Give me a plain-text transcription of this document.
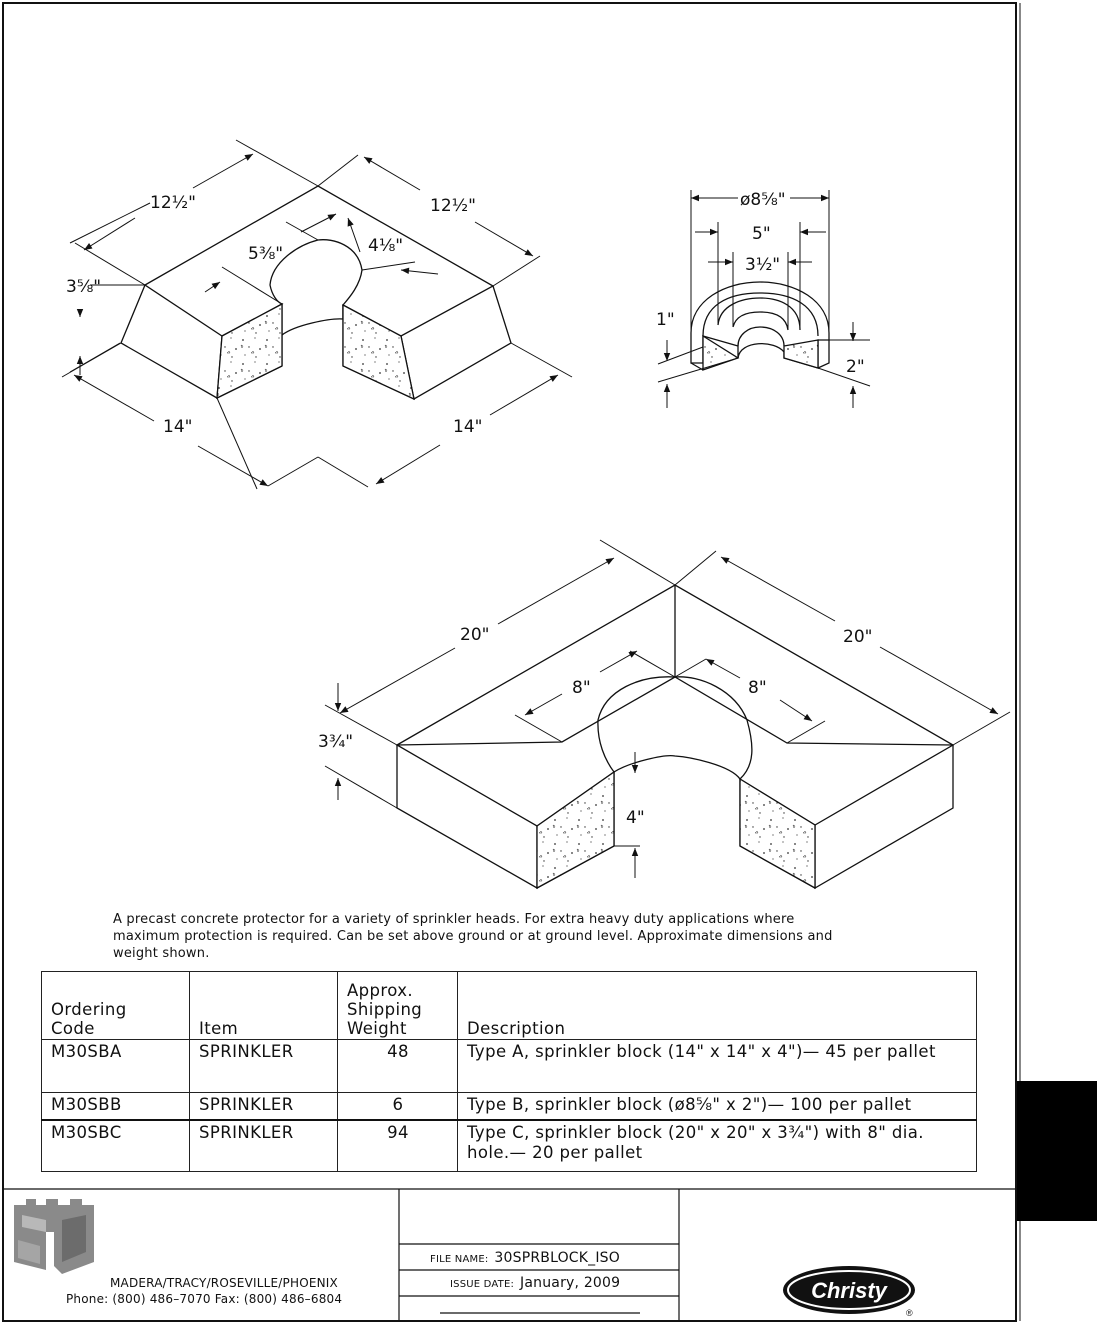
12½"	12½"
5⅜"	4⅛"
3⅝"
14"	14"
ø8⅝"
5"
3½"
1"
2"
20"	20"
8"	8"
3¾"
4"
Christy
®
A precast concrete protector for a variety of sprinkler heads. For extra heavy duty applications where
maximum protection is required. Can be set above ground or at ground level. Approximate dimensions and
weight shown.
Ordering
Code	Item	Approx.
Shipping
Weight	Description
M30SBA	SPRINKLER	48	Type A, sprinkler block (14" x 14" x 4")— 45 per pallet
M30SBB	SPRINKLER	6	Type B, sprinkler block (ø8⅝" x 2")— 100 per pallet
M30SBC	SPRINKLER	94	Type C, sprinkler block (20" x 20" x 3¾") with 8" dia. hole.— 20 per pallet
MADERA/TRACY/ROSEVILLE/PHOENIX
Phone: (800) 486–7070 Fax: (800) 486–6804
FILE NAME: 30SPRBLOCK_ISO
ISSUE DATE: January, 2009
